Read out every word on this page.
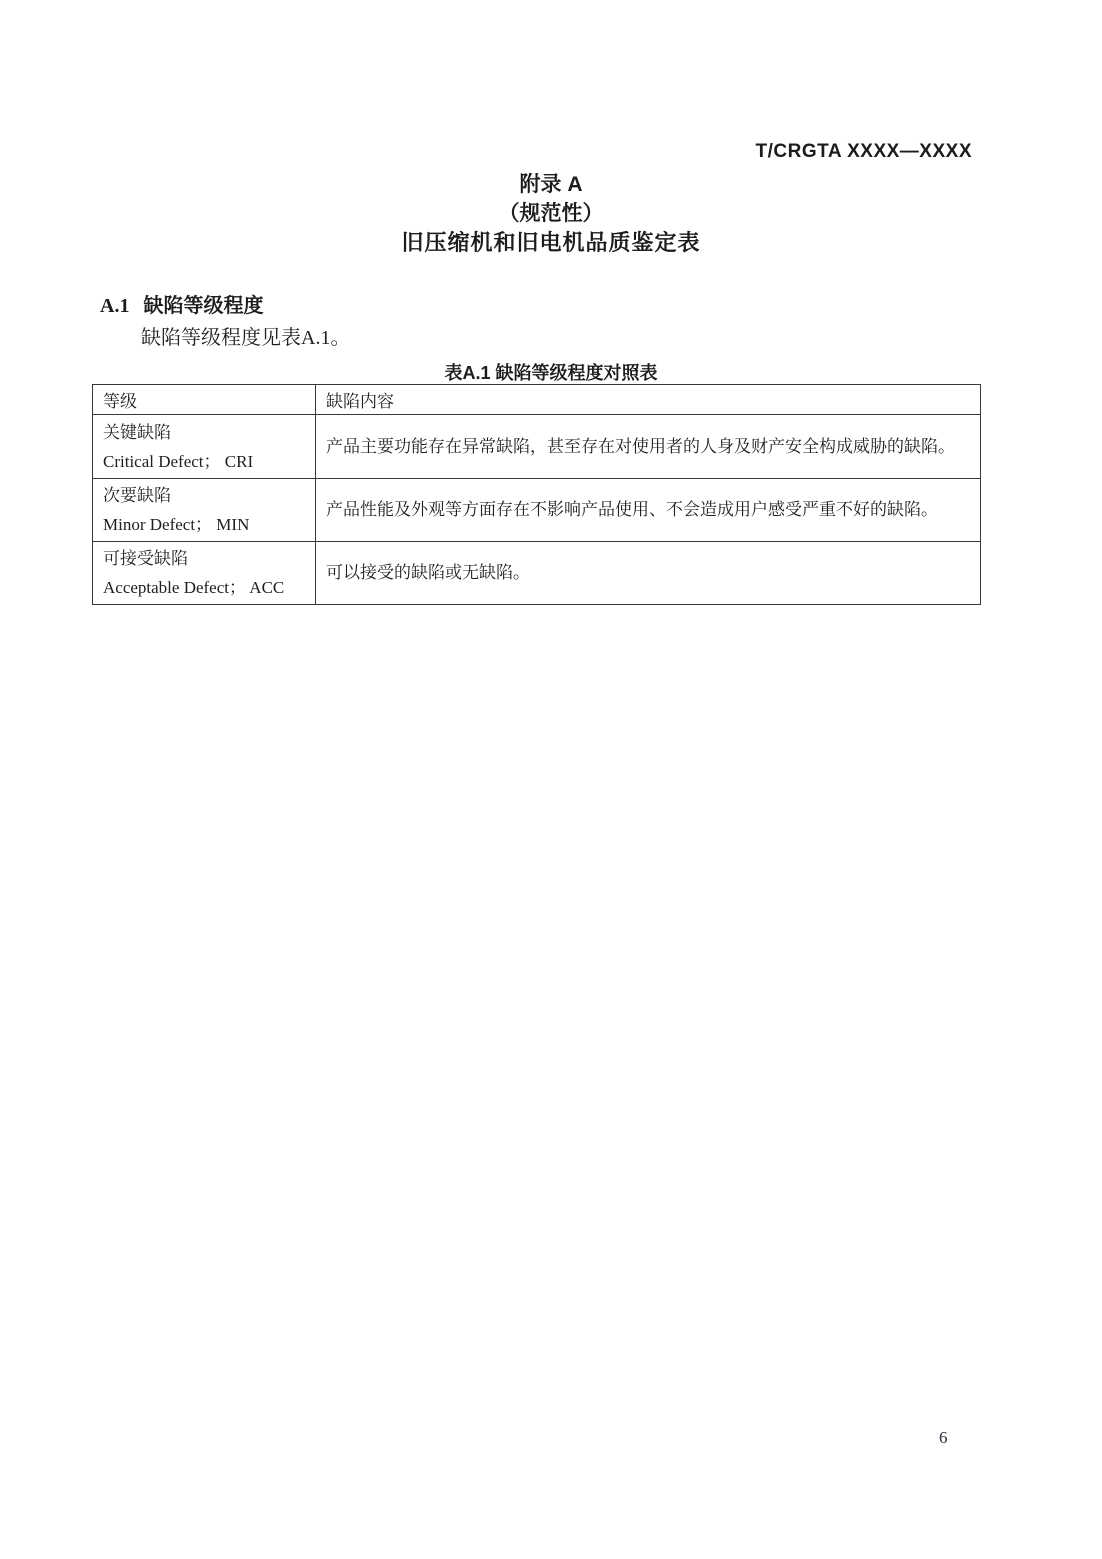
T/CRGTA XXXX—XXXX
附录 A
（规范性）
旧压缩机和旧电机品质鉴定表
A.1 缺陷等级程度
缺陷等级程度见表A.1。
表A.1 缺陷等级程度对照表
等级	缺陷内容

关键缺陷
Critical Defect； CRI	产品主要功能存在异常缺陷，甚至存在对使用者的人身及财产安全构成威胁的缺陷。

次要缺陷
Minor Defect； MIN	产品性能及外观等方面存在不影响产品使用、不会造成用户感受严重不好的缺陷。

可接受缺陷
Acceptable Defect； ACC	可以接受的缺陷或无缺陷。
6
